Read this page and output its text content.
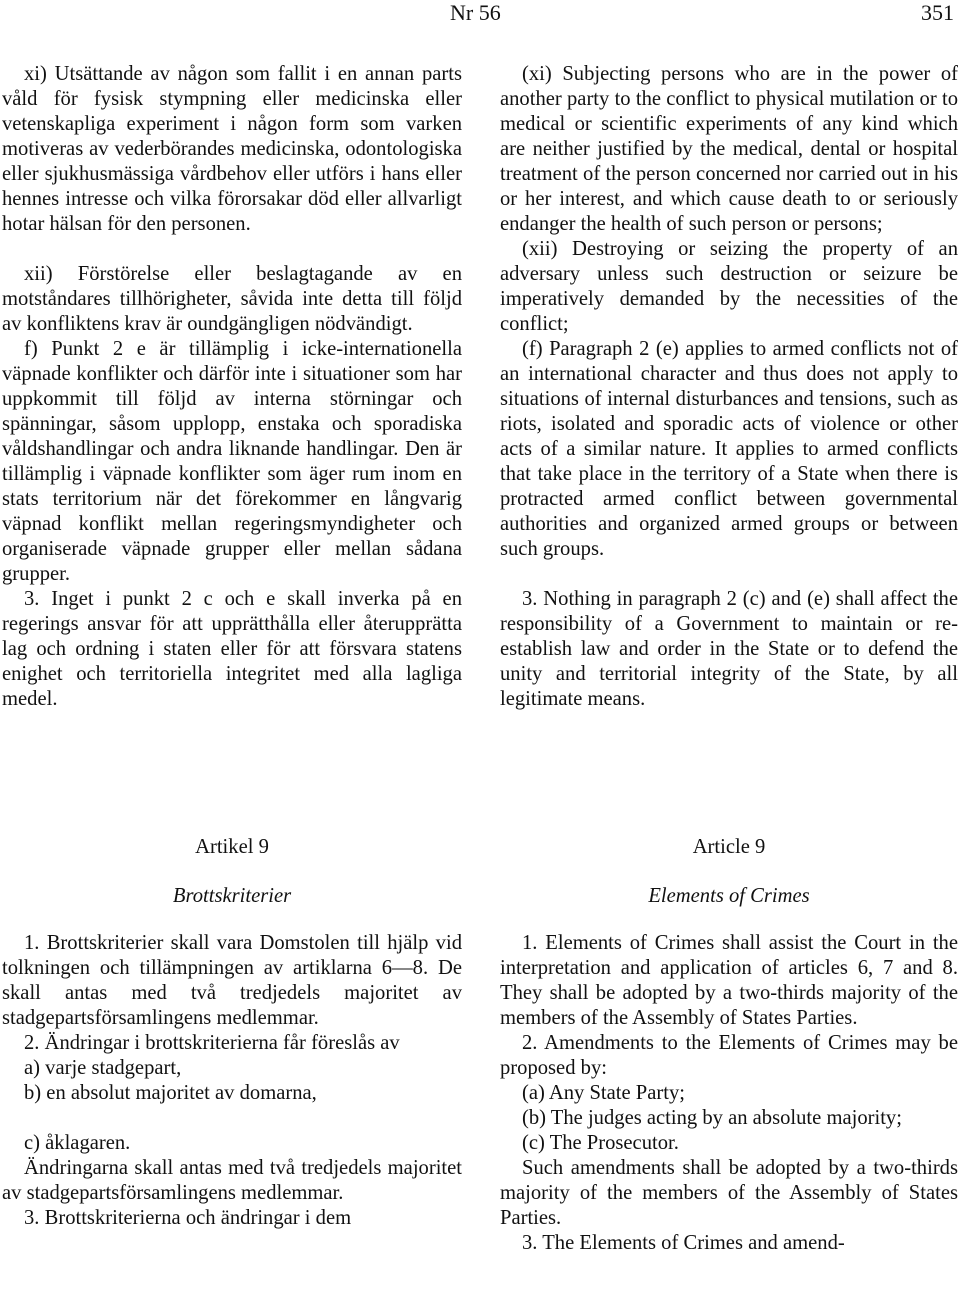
Nr 56	351

xi) Utsättande av någon som fallit i en annan parts våld för fysisk stympning eller medicinska eller vetenskapliga experiment i någon form som varken motiveras av vederbörandes medicinska, odontologiska eller sjukhusmässiga vårdbehov eller utförs i hans eller hennes intresse och vilka förorsakar död eller allvarligt hotar hälsan för den personen.

xii) Förstörelse eller beslagtagande av en motståndares tillhörigheter, såvida inte detta till följd av konfliktens krav är oundgängligen nödvändigt.

f) Punkt 2 e är tillämplig i icke-internationella väpnade konflikter och därför inte i situationer som har uppkommit till följd av interna störningar och spänningar, såsom upplopp, enstaka och sporadiska våldshandlingar och andra liknande handlingar. Den är tillämplig i väpnade konflikter som äger rum inom en stats territorium när det förekommer en långvarig väpnad konflikt mellan regeringsmyndigheter och organiserade väpnade grupper eller mellan sådana grupper.

3. Inget i punkt 2 c och e skall inverka på en regerings ansvar för att upprätthålla eller återupprätta lag och ordning i staten eller för att försvara statens enighet och territoriella integritet med alla lagliga medel.

(xi) Subjecting persons who are in the power of another party to the conflict to physical mutilation or to medical or scientific experiments of any kind which are neither justified by the medical, dental or hospital treatment of the person concerned nor carried out in his or her interest, and which cause death to or seriously endanger the health of such person or persons;

(xii) Destroying or seizing the property of an adversary unless such destruction or seizure be imperatively demanded by the necessities of the conflict;

(f) Paragraph 2 (e) applies to armed conflicts not of an international character and thus does not apply to situations of internal disturbances and tensions, such as riots, isolated and sporadic acts of violence or other acts of a similar nature. It applies to armed conflicts that take place in the territory of a State when there is protracted armed conflict between governmental authorities and organized armed groups or between such groups.

3. Nothing in paragraph 2 (c) and (e) shall affect the responsibility of a Government to maintain or re-establish law and order in the State or to defend the unity and territorial integrity of the State, by all legitimate means.

Artikel 9
Brottskriterier
Article 9
Elements of Crimes

1. Brottskriterier skall vara Domstolen till hjälp vid tolkningen och tillämpningen av artiklarna 6—8. De skall antas med två tredjedels majoritet av stadgepartsförsamlingens medlemmar.

2. Ändringar i brottskriterierna får föreslås av

a) varje stadgepart,

b) en absolut majoritet av domarna,

c) åklagaren.

Ändringarna skall antas med två tredjedels majoritet av stadgepartsförsamlingens medlemmar.

3. Brottskriterierna och ändringar i dem

1. Elements of Crimes shall assist the Court in the interpretation and application of articles 6, 7 and 8. They shall be adopted by a two-thirds majority of the members of the Assembly of States Parties.

2. Amendments to the Elements of Crimes may be proposed by:

(a) Any State Party;

(b) The judges acting by an absolute majority;

(c) The Prosecutor.

Such amendments shall be adopted by a two-thirds majority of the members of the Assembly of States Parties.

3. The Elements of Crimes and amend-
